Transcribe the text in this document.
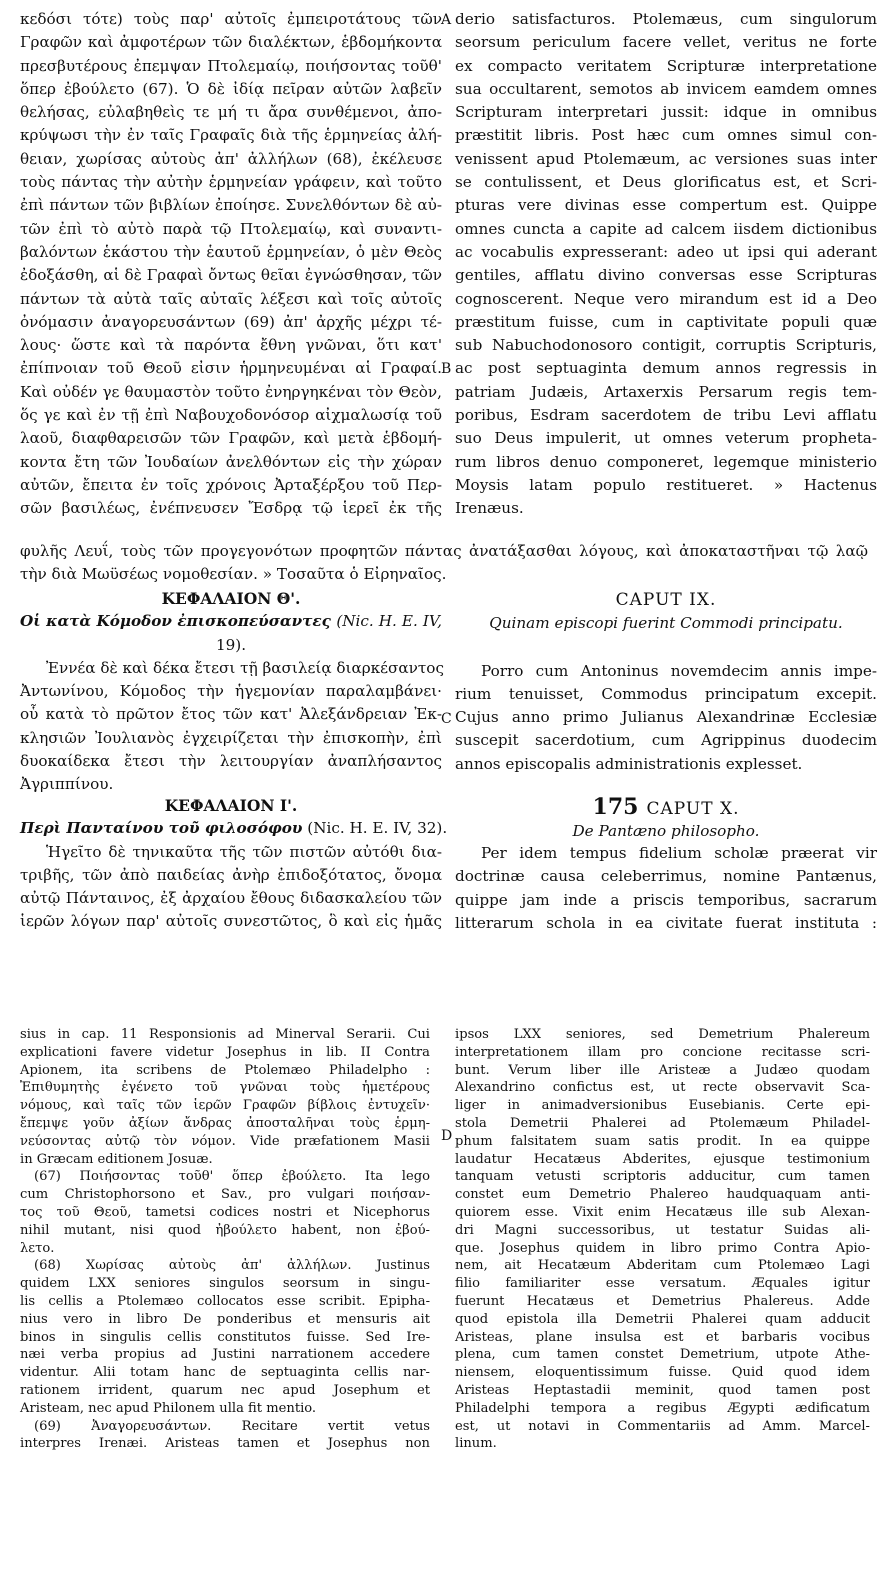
κεδόσι τότε) τοὺς παρ' αὐτοῖς ἐμπειροτάτους τῶν
Γραφῶν καὶ ἀμφοτέρων τῶν διαλέκτων, ἑβδομήκοντα
πρεσβυτέρους ἐπεμψαν Πτολεμαίῳ, ποιήσοντας τοῦθ'
ὅπερ ἐβούλετο (67). Ὁ δὲ ἰδίᾳ πεῖραν αὐτῶν λαβεῖν
θελήσας, εὐλαβηθεὶς τε μή τι ἄρα συνθέμενοι, ἀπο-
κρύψωσι τὴν ἐν ταῖς Γραφαῖς διὰ τῆς ἑρμηνείας ἀλή-
θειαν, χωρίσας αὐτοὺς ἀπ' ἀλλήλων (68), ἐκέλευσε
τοὺς πάντας τὴν αὐτὴν ἑρμηνείαν γράφειν, καὶ τοῦτο
ἐπὶ πάντων τῶν βιβλίων ἐποίησε. Συνελθόντων δὲ αὐ-
τῶν ἐπὶ τὸ αὐτὸ παρὰ τῷ Πτολεμαίῳ, καὶ συναντι-
βαλόντων ἑκάστου τὴν ἑαυτοῦ ἑρμηνείαν, ὁ μὲν Θεὸς
ἐδοξάσθη, αἱ δὲ Γραφαὶ ὄντως θεῖαι ἐγνώσθησαν, τῶν
πάντων τὰ αὐτὰ ταῖς αὐταῖς λέξεσι καὶ τοῖς αὐτοῖς
ὀνόμασιν ἀναγορευσάντων (69) ἀπ' ἀρχῆς μέχρι τέ-
λους· ὥστε καὶ τὰ παρόντα ἔθνη γνῶναι, ὅτι κατ'
ἐπίπνοιαν τοῦ Θεοῦ εἰσιν ἡρμηνευμέναι αἱ Γραφαί.
Καὶ οὐδέν γε θαυμαστὸν τοῦτο ἐνηργηκέναι τὸν Θεὸν,
ὅς γε καὶ ἐν τῇ ἐπὶ Ναβουχοδονόσορ αἰχμαλωσίᾳ τοῦ
λαοῦ, διαφθαρεισῶν τῶν Γραφῶν, καὶ μετὰ ἑβδομή-
κοντα ἔτη τῶν Ἰουδαίων ἀνελθόντων εἰς τὴν χώραν
αὐτῶν, ἔπειτα ἐν τοῖς χρόνοις Ἀρταξέρξου τοῦ Περ-
σῶν βασιλέως, ἐνέπνευσεν Ἔσδρᾳ τῷ ἱερεῖ ἐκ τῆς
derio satisfacturos. Ptolemæus, cum singulorum
seorsum periculum facere vellet, veritus ne forte
ex compacto veritatem Scripturæ interpretatione
sua occultarent, semotos ab invicem eamdem omnes
Scripturam interpretari jussit: idque in omnibus
præstitit libris. Post hæc cum omnes simul con-
venissent apud Ptolemæum, ac versiones suas inter
se contulissent, et Deus glorificatus est, et Scri-
pturas vere divinas esse compertum est. Quippe
omnes cuncta a capite ad calcem iisdem dictionibus
ac vocabulis expresserant: adeo ut ipsi qui aderant
gentiles, afflatu divino conversas esse Scripturas
cognoscerent. Neque vero mirandum est id a Deo
præstitum fuisse, cum in captivitate populi quæ
sub Nabuchodonosoro contigit, corruptis Scripturis,
ac post septuaginta demum annos regressis in
patriam Judæis, Artaxerxis Persarum regis tem-
poribus, Esdram sacerdotem de tribu Levi afflatu
suo Deus impulerit, ut omnes veterum propheta-
rum libros denuo componeret, legemque ministerio
Moysis latam populo restitueret. » Hactenus
Irenæus.
A
B
C
D
φυλῆς Λευΐ, τοὺς τῶν προγεγονότων προφητῶν πάντας ἀνατάξασθαι λόγους, καὶ ἀποκαταστῆναι τῷ λαῷ
τὴν διὰ Μωϋσέως νομοθεσίαν. » Τοσαῦτα ὁ Εἰρηναῖος.
ΚΕΦΑΛΑΙΟΝ Θ'.
Οἱ κατὰ Κόμοδον ἐπισκοπεύσαντες (Nic. H. E. IV,
19).
Ἐννέα δὲ καὶ δέκα ἔτεσι τῇ βασιλείᾳ διαρκέσαντος
Ἀντωνίνου, Κόμοδος τὴν ἡγεμονίαν παραλαμβάνει·
οὗ κατὰ τὸ πρῶτον ἔτος τῶν κατ' Ἀλεξάνδρειαν Ἐκ-
κλησιῶν Ἰουλιανὸς ἐγχειρίζεται τὴν ἐπισκοπὴν, ἐπὶ
δυοκαίδεκα ἔτεσι τὴν λειτουργίαν ἀναπλήσαντος
Ἀγριππίνου.
CAPUT IX.
Quinam episcopi fuerint Commodi principatu.
Porro cum Antoninus novemdecim annis impe-
rium tenuisset, Commodus principatum excepit.
Cujus anno primo Julianus Alexandrinæ Ecclesiæ
suscepit sacerdotium, cum Agrippinus duodecim
annos episcopalis administrationis explesset.
ΚΕΦΑΛΑΙΟΝ Ι'.
Περὶ Πανταίνου τοῦ φιλοσόφου (Nic. H. E. IV, 32).
Ἡγεῖτο δὲ τηνικαῦτα τῆς τῶν πιστῶν αὐτόθι δια-
τριβῆς, τῶν ἀπὸ παιδείας ἀνὴρ ἐπιδοξότατος, ὄνομα
αὐτῷ Πάνταινος, ἐξ ἀρχαίου ἔθους διδασκαλείου τῶν
ἱερῶν λόγων παρ' αὐτοῖς συνεστῶτος, ὃ καὶ εἰς ἡμᾶς
175 CAPUT X.
De Pantæno philosopho.
Per idem tempus fidelium scholæ præerat vir
doctrinæ causa celeberrimus, nomine Pantænus,
quippe jam inde a priscis temporibus, sacrarum
litterarum schola in ea civitate fuerat instituta :
sius in cap. 11 Responsionis ad Minerval Serarii. Cui
explicationi favere videtur Josephus in lib. II Contra
Apionem, ita scribens de Ptolemæo Philadelpho :
Ἐπιθυμητὴς ἐγένετο τοῦ γνῶναι τοὺς ἡμετέρους
νόμους, καὶ ταῖς τῶν ἱερῶν Γραφῶν βίβλοις ἐντυχεῖν·
ἔπεμψε γοῦν ἀξίων ἄνδρας ἀποσταλῆναι τοὺς ἑρμη-
νεύσοντας αὐτῷ τὸν νόμον. Vide præfationem Masii
in Græcam editionem Josuæ.
(67) Ποιήσοντας τοῦθ' ὅπερ ἐβούλετο. Ita lego
cum Christophorsono et Sav., pro vulgari ποιήσαν-
τος τοῦ Θεοῦ, tametsi codices nostri et Nicephorus
nihil mutant, nisi quod ἠβούλετο habent, non ἐβού-
λετο.
(68) Χωρίσας αὐτοὺς ἀπ' ἀλλήλων. Justinus
quidem LXX seniores singulos seorsum in singu-
lis cellis a Ptolemæo collocatos esse scribit. Epipha-
nius vero in libro De ponderibus et mensuris ait
binos in singulis cellis constitutos fuisse. Sed Ire-
næi verba propius ad Justini narrationem accedere
videntur. Alii totam hanc de septuaginta cellis nar-
rationem irrident, quarum nec apud Josephum et
Aristeam, nec apud Philonem ulla fit mentio.
(69) Ἀναγορευσάντων. Recitare vertit vetus
interpres Irenæi. Aristeas tamen et Josephus non
ipsos LXX seniores, sed Demetrium Phalereum
interpretationem illam pro concione recitasse scri-
bunt. Verum liber ille Aristeæ a Judæo quodam
Alexandrino confictus est, ut recte observavit Sca-
liger in animadversionibus Eusebianis. Certe epi-
stola Demetrii Phalerei ad Ptolemæum Philadel-
phum falsitatem suam satis prodit. In ea quippe
laudatur Hecatæus Abderites, ejusque testimonium
tanquam vetusti scriptoris adducitur, cum tamen
constet eum Demetrio Phalereo haudquaquam anti-
quiorem esse. Vixit enim Hecatæus ille sub Alexan-
dri Magni successoribus, ut testatur Suidas ali-
que. Josephus quidem in libro primo Contra Apio-
nem, ait Hecatæum Abderitam cum Ptolemæo Lagi
filio familiariter esse versatum. Æquales igitur
fuerunt Hecatæus et Demetrius Phalereus. Adde
quod epistola illa Demetrii Phalerei quam adducit
Aristeas, plane insulsa est et barbaris vocibus
plena, cum tamen constet Demetrium, utpote Athe-
niensem, eloquentissimum fuisse. Quid quod idem
Aristeas Heptastadii meminit, quod tamen post
Philadelphi tempora a regibus Ægypti ædificatum
est, ut notavi in Commentariis ad Amm. Marcel-
linum.
